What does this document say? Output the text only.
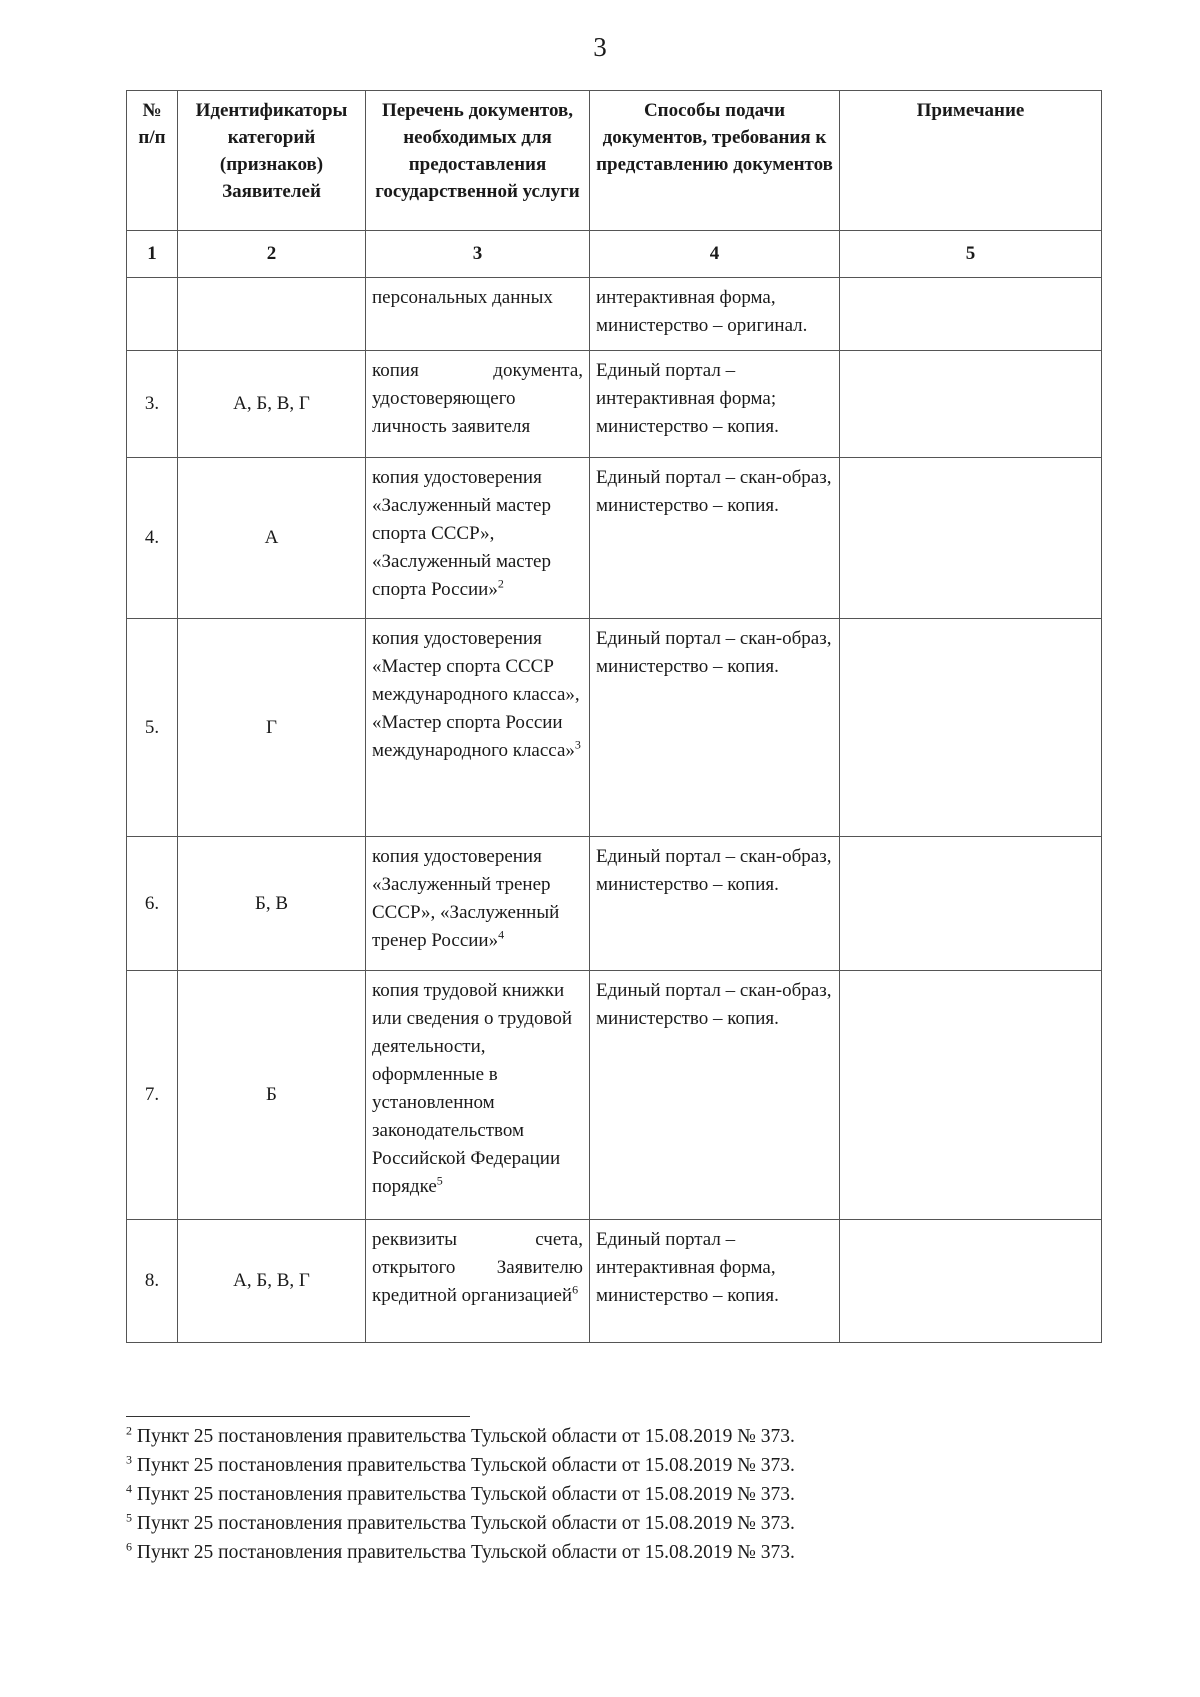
3
№ п/п	Идентификаторы категорий (признаков) Заявителей	Перечень документов, необходимых для предоставления государственной услуги	Способы подачи документов, требования к представлению документов	Примечание
1	2	3	4	5
		персональных данных	интерактивная форма, министерство – оригинал.	
3.	А, Б, В, Г	копия документа, удостоверяющего личность заявителя	Единый портал – интерактивная форма; министерство – копия.	
4.	А	копия удостоверения «Заслуженный мастер спорта СССР», «Заслуженный мастер спорта России»$^2$	Единый портал – скан-образ, министерство – копия.	
5.	Г	копия удостоверения «Мастер спорта СССР международного класса», «Мастер спорта России международного класса»$^3$	Единый портал – скан-образ, министерство – копия.	
6.	Б, В	копия удостоверения «Заслуженный тренер СССР», «Заслуженный тренер России»$^4$	Единый портал – скан-образ, министерство – копия.	
7.	Б	копия трудовой книжки или сведения о трудовой деятельности, оформленные в установленном законодательством Российской Федерации порядке$^5$	Единый портал – скан-образ, министерство – копия.	
8.	А, Б, В, Г	реквизиты счета, открытого Заявителю кредитной организацией$^6$	Единый портал – интерактивная форма, министерство – копия.	
$^2$ Пункт 25 постановления правительства Тульской области от 15.08.2019 № 373.
$^3$ Пункт 25 постановления правительства Тульской области от 15.08.2019 № 373.
$^4$ Пункт 25 постановления правительства Тульской области от 15.08.2019 № 373.
$^5$ Пункт 25 постановления правительства Тульской области от 15.08.2019 № 373.
$^6$ Пункт 25 постановления правительства Тульской области от 15.08.2019 № 373.
